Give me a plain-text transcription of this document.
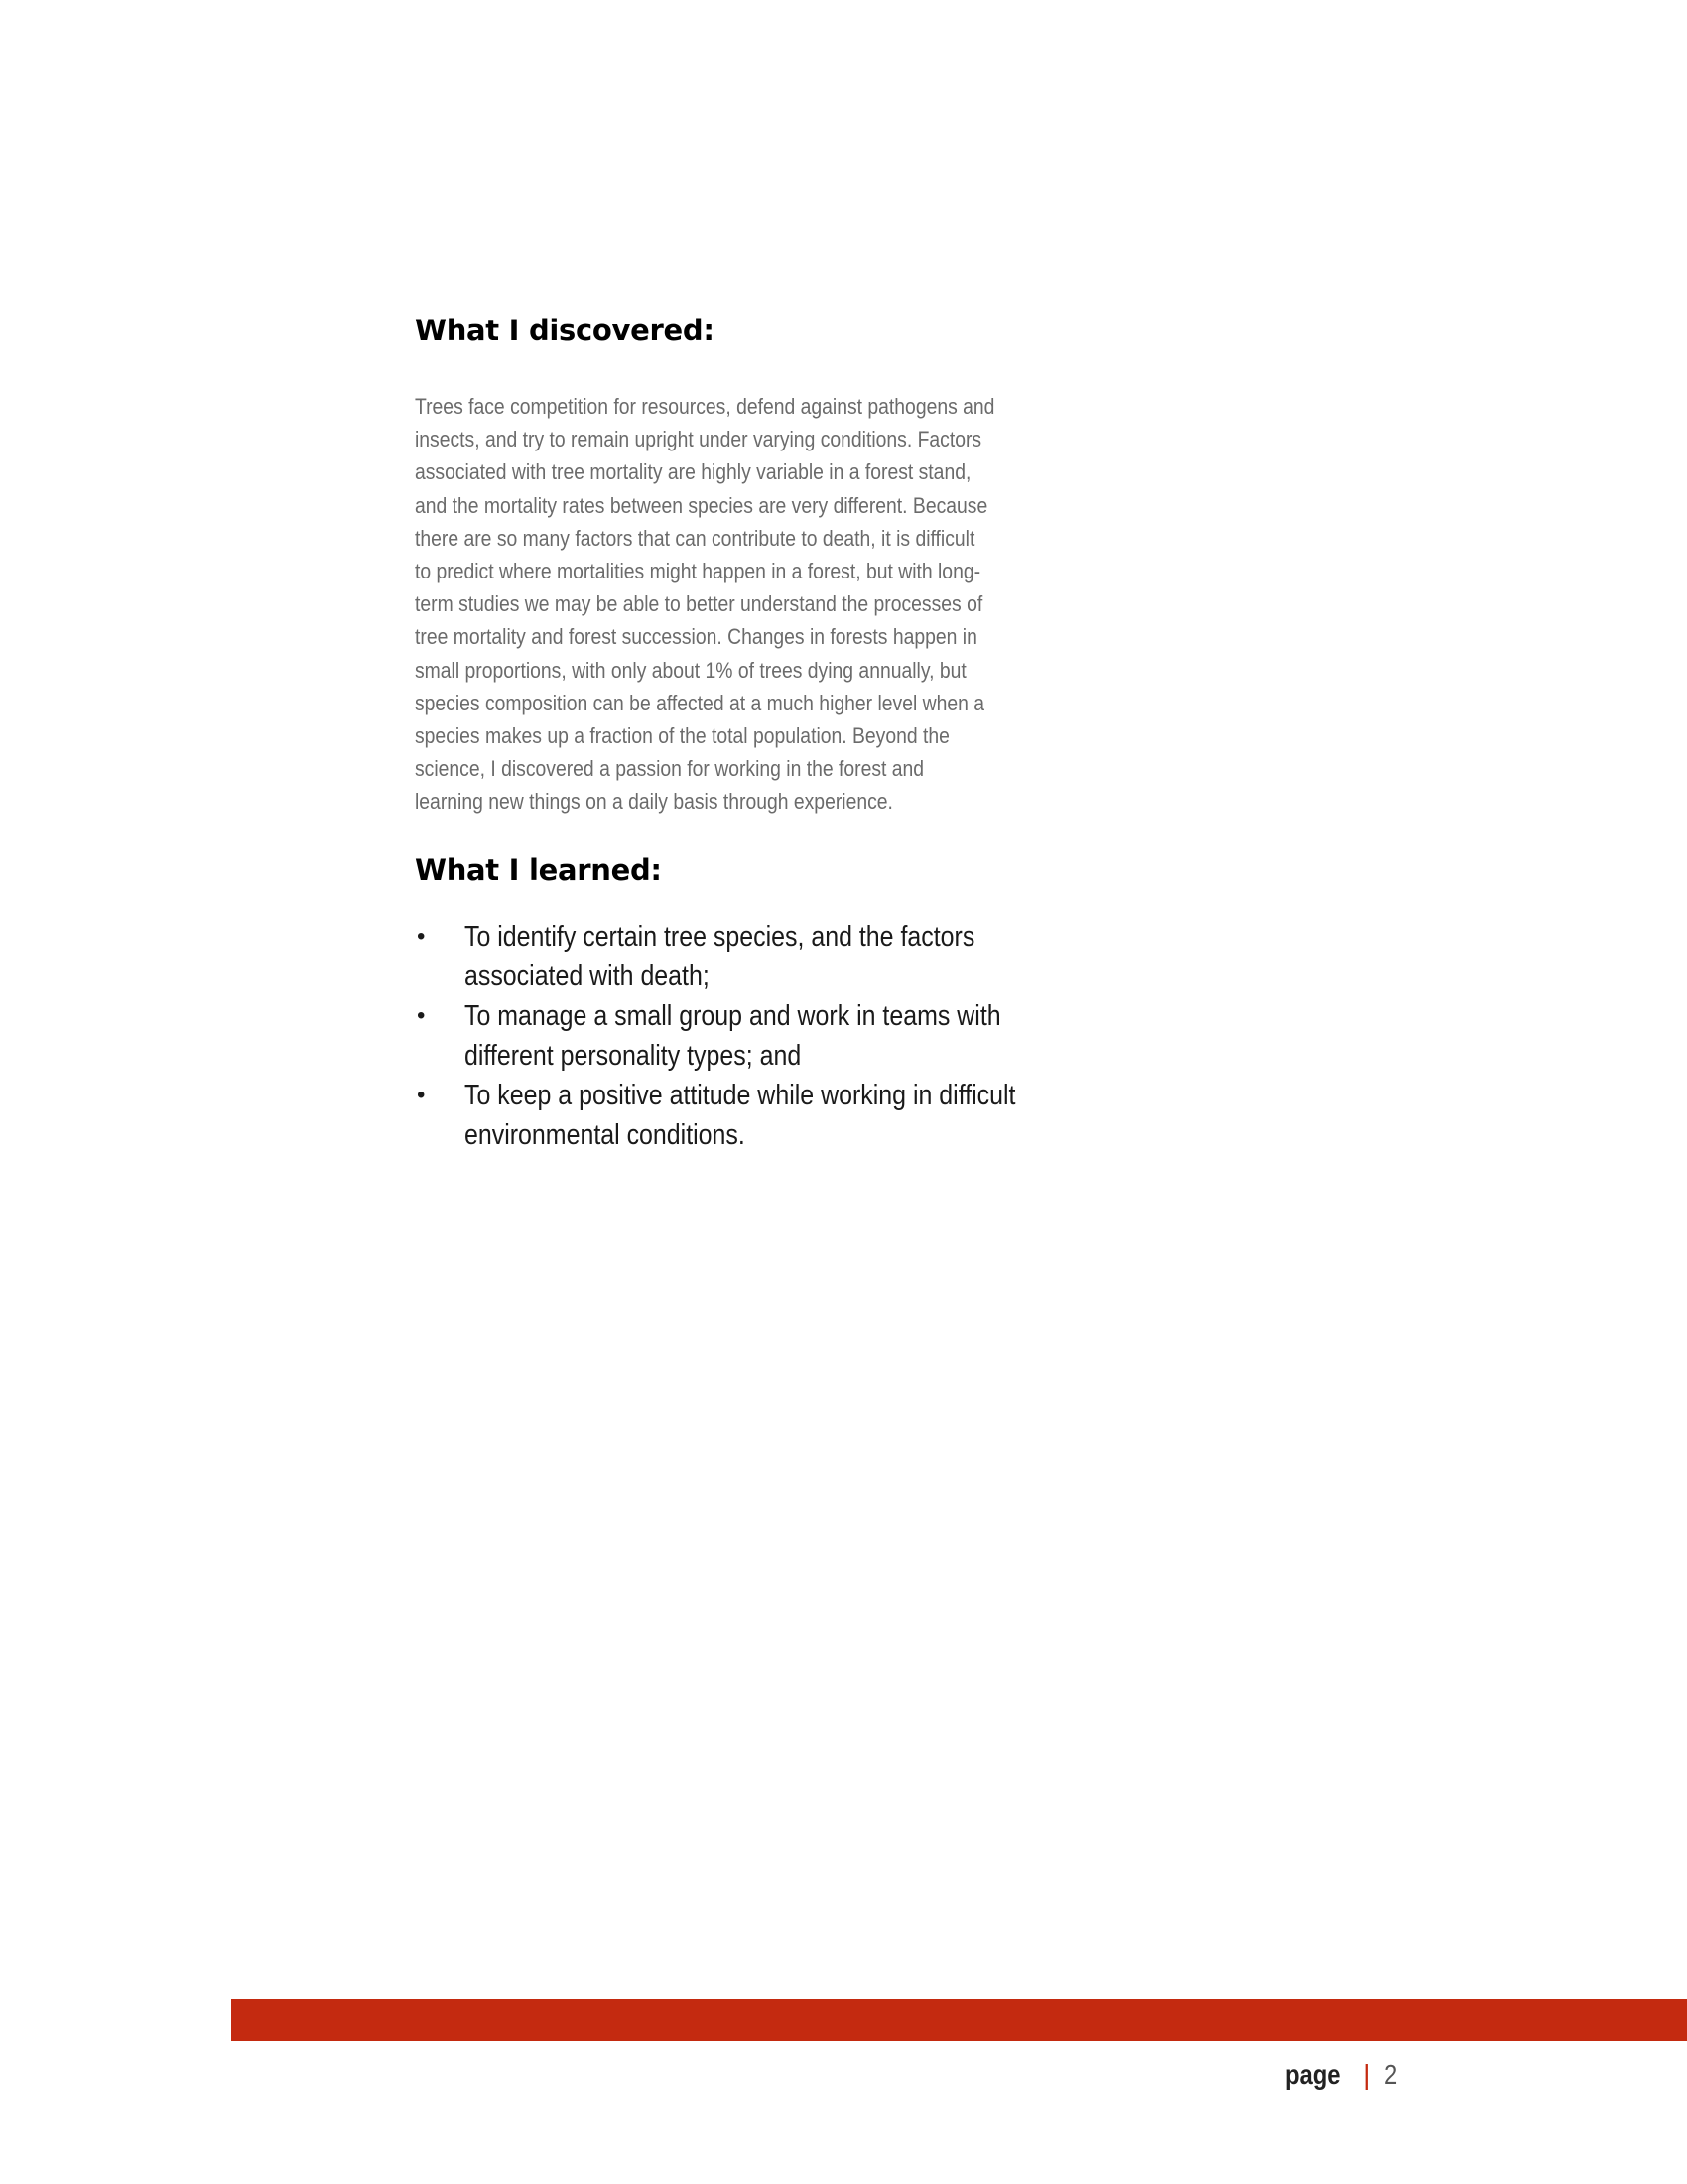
What I discovered:

Trees face competition for resources, defend against pathogens and insects, and try to remain upright under varying conditions. Factors associated with tree mortality are highly variable in a forest stand, and the mortality rates between species are very different. Because there are so many factors that can contribute to death, it is difficult to predict where mortalities might happen in a forest, but with long-term studies we may be able to better understand the processes of tree mortality and forest succession. Changes in forests happen in small proportions, with only about 1% of trees dying annually, but species composition can be affected at a much higher level when a species makes up a fraction of the total population. Beyond the science, I discovered a passion for working in the forest and learning new things on a daily basis through experience.

What I learned:
• To identify certain tree species, and the factors associated with death;
• To manage a small group and work in teams with different personality types; and
• To keep a positive attitude while working in difficult environmental conditions.
page | 2
